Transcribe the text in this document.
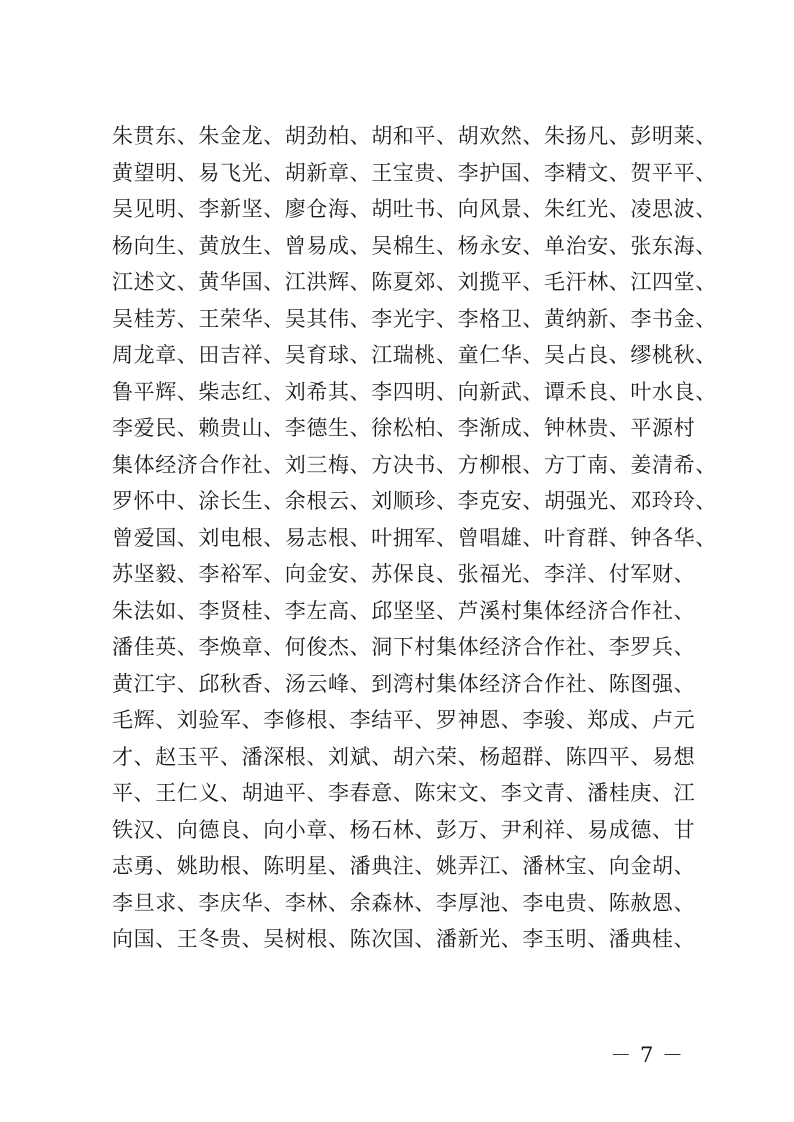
朱贯东、朱金龙、胡劲柏、胡和平、胡欢然、朱扬凡、彭明莱、
黄望明、易飞光、胡新章、王宝贵、李护国、李精文、贺平平、
吴见明、李新坚、廖仓海、胡吐书、向风景、朱红光、凌思波、
杨向生、黄放生、曾易成、吴棉生、杨永安、单治安、张东海、
江述文、黄华国、江洪辉、陈夏郊、刘揽平、毛汗林、江四堂、
吴桂芳、王荣华、吴其伟、李光宇、李格卫、黄纳新、李书金、
周龙章、田吉祥、吴育球、江瑞桃、童仁华、吴占良、缪桃秋、
鲁平辉、柴志红、刘希其、李四明、向新武、谭禾良、叶水良、
李爱民、赖贵山、李德生、徐松柏、李渐成、钟林贵、平源村
集体经济合作社、刘三梅、方决书、方柳根、方丁南、姜清希、
罗怀中、涂长生、余根云、刘顺珍、李克安、胡强光、邓玲玲、
曾爱国、刘电根、易志根、叶拥军、曾唱雄、叶育群、钟各华、
苏坚毅、李裕军、向金安、苏保良、张福光、李洋、付军财、
朱法如、李贤桂、李左高、邱坚坚、芦溪村集体经济合作社、
潘佳英、李焕章、何俊杰、洞下村集体经济合作社、李罗兵、
黄江宇、邱秋香、汤云峰、到湾村集体经济合作社、陈图强、
毛辉、刘验军、李修根、李结平、罗神恩、李骏、郑成、卢元
才、赵玉平、潘深根、刘斌、胡六荣、杨超群、陈四平、易想
平、王仁义、胡迪平、李春意、陈宋文、李文青、潘桂庚、江
铁汉、向德良、向小章、杨石林、彭万、尹利祥、易成德、甘
志勇、姚助根、陈明星、潘典注、姚弄江、潘林宝、向金胡、
李旦求、李庆华、李林、余森林、李厚池、李电贵、陈赦恩、
向国、王冬贵、吴树根、陈次国、潘新光、李玉明、潘典桂、
－ 7 －
